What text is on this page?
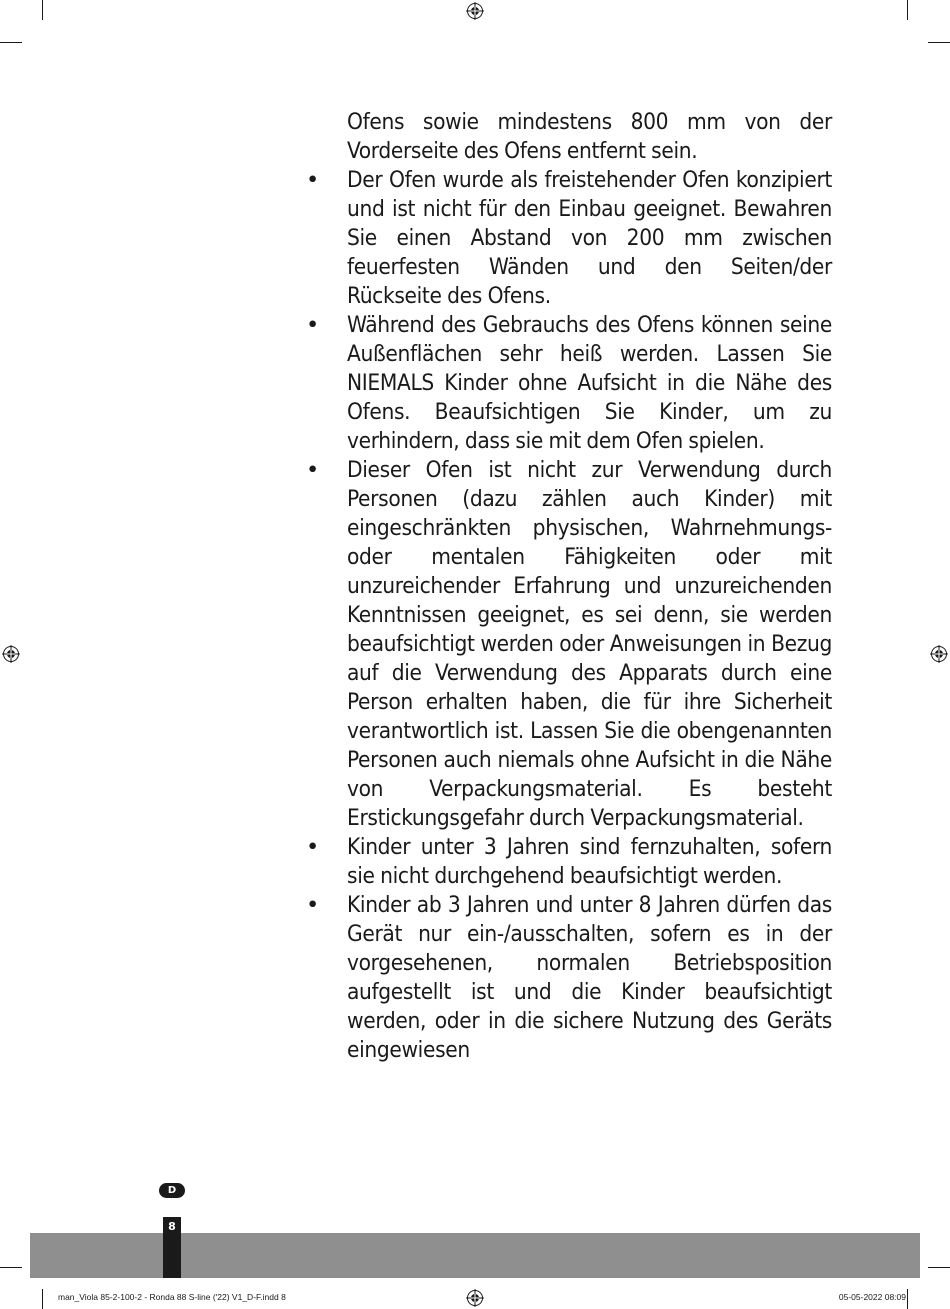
Ofens sowie mindestens 800 mm von der Vorderseite des Ofens entfernt sein.

•	Der Ofen wurde als freistehender Ofen konzipiert und ist nicht für den Einbau geeignet. Bewahren Sie einen Abstand von 200 mm zwischen feuerfesten Wänden und den Seiten/der Rückseite des Ofens.

•	Während des Gebrauchs des Ofens können seine Außenflächen sehr heiß werden. Lassen Sie NIEMALS Kinder ohne Aufsicht in die Nähe des Ofens. Beaufsichtigen Sie Kinder, um zu verhindern, dass sie mit dem Ofen spielen.

•	Dieser Ofen ist nicht zur Verwendung durch Personen (dazu zählen auch Kinder) mit eingeschränkten physischen, Wahrnehmungs- oder mentalen Fähigkeiten oder mit unzureichender Erfahrung und unzureichenden Kenntnissen geeignet, es sei denn, sie werden beaufsichtigt werden oder Anweisungen in Bezug auf die Verwendung des Apparats durch eine Person erhalten haben, die für ihre Sicherheit verantwortlich ist. Lassen Sie die obengenannten Personen auch niemals ohne Aufsicht in die Nähe von Verpackungsmaterial. Es besteht Erstickungsgefahr durch Verpackungsmaterial.

•	Kinder unter 3 Jahren sind fernzuhalten, sofern sie nicht durchgehend beaufsichtigt werden.

•	Kinder ab 3 Jahren und unter 8 Jahren dürfen das Gerät nur ein-/ausschalten, sofern es in der vorgesehenen, normalen Betriebsposition aufgestellt ist und die Kinder beaufsichtigt werden, oder in die sichere Nutzung des Geräts eingewiesen

D
8
man_Viola 85-2-100-2 - Ronda 88 S-line ('22) V1_D-F.indd 8	05-05-2022 08:09
